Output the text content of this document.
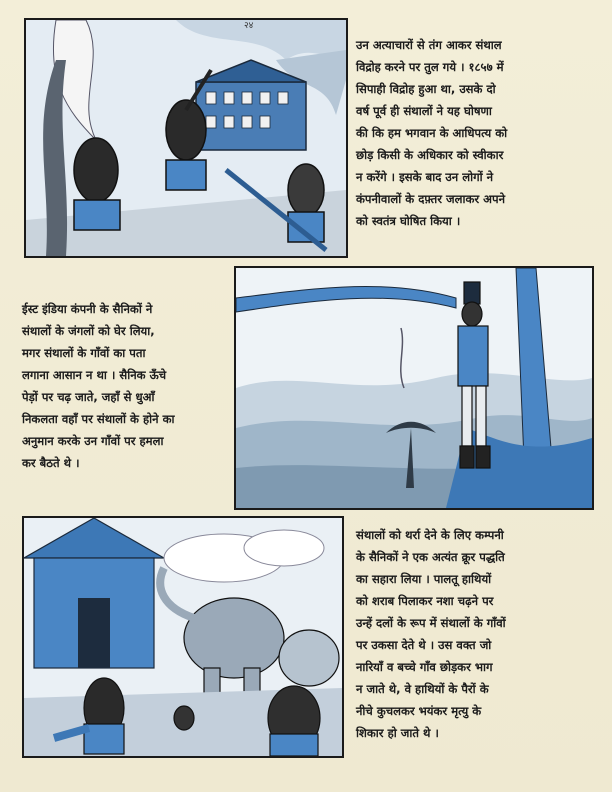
उन अत्याचारों से तंग आकर संथाल
विद्रोह करने पर तुल गये । १८५७ में
सिपाही विद्रोह हुआ था, उसके दो
वर्ष पूर्व ही संथालों ने यह घोषणा
की कि हम भगवान के आधिपत्य को
छोड़ किसी के अधिकार को स्वीकार
न करेंगे । इसके बाद उन लोगों ने
कंपनीवालों के दफ़्तर जलाकर अपने
को स्वतंत्र घोषित किया ।
ईस्ट इंडिया कंपनी के सैनिकों ने
संथालों के जंगलों को घेर लिया,
मगर संथालों के गाँवों का पता
लगाना आसान न था । सैनिक ऊँचे
पेड़ों पर चढ़ जाते, जहाँ से धुआँ
निकलता वहाँ पर संथालों के होने का
अनुमान करके उन गाँवों पर हमला
कर बैठते थे ।
संथालों को थर्रा देने के लिए कम्पनी
के सैनिकों ने एक अत्यंत क्रूर पद्धति
का सहारा लिया । पालतू हाथियों
को शराब पिलाकर नशा चढ़ने पर
उन्हें दलों के रूप में संथालों के गाँवों
पर उकसा देते थे । उस वक्त जो
नारियाँ व बच्चे गाँव छोड़कर भाग
न जाते थे, वे हाथियों के पैरों के
नीचे कुचलकर भयंकर मृत्यु के
शिकार हो जाते थे ।
२४
